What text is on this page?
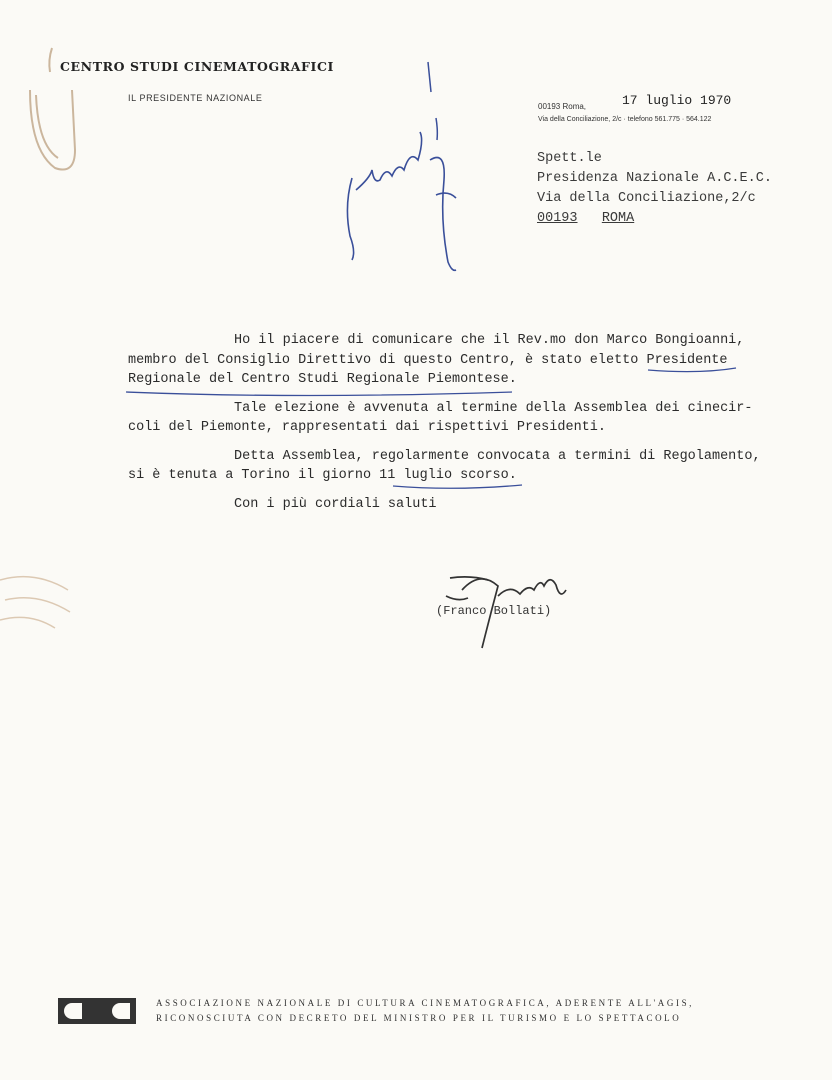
CENTRO STUDI CINEMATOGRAFICI
IL PRESIDENTE NAZIONALE
00193 Roma,	17 luglio 1970
Via della Conciliazione, 2/c · telefono 561.775 · 564.122
Spett.le
Presidenza Nazionale A.C.E.C.
Via della Conciliazione,2/c
00193 ROMA

Ho il piacere di comunicare che il Rev.mo don Marco Bongioanni,
membro del Consiglio Direttivo di questo Centro, è stato eletto Presidente
Regionale del Centro Studi Regionale Piemontese.

Tale elezione è avvenuta al termine della Assemblea dei cinecir-
coli del Piemonte, rappresentati dai rispettivi Presidenti.

Detta Assemblea, regolarmente convocata a termini di Regolamento,
si è tenuta a Torino il giorno 11 luglio scorso.

Con i più cordiali saluti
(Franco Bollati)
ASSOCIAZIONE NAZIONALE DI CULTURA CINEMATOGRAFICA, ADERENTE ALL'AGIS,
RICONOSCIUTA CON DECRETO DEL MINISTRO PER IL TURISMO E LO SPETTACOLO
